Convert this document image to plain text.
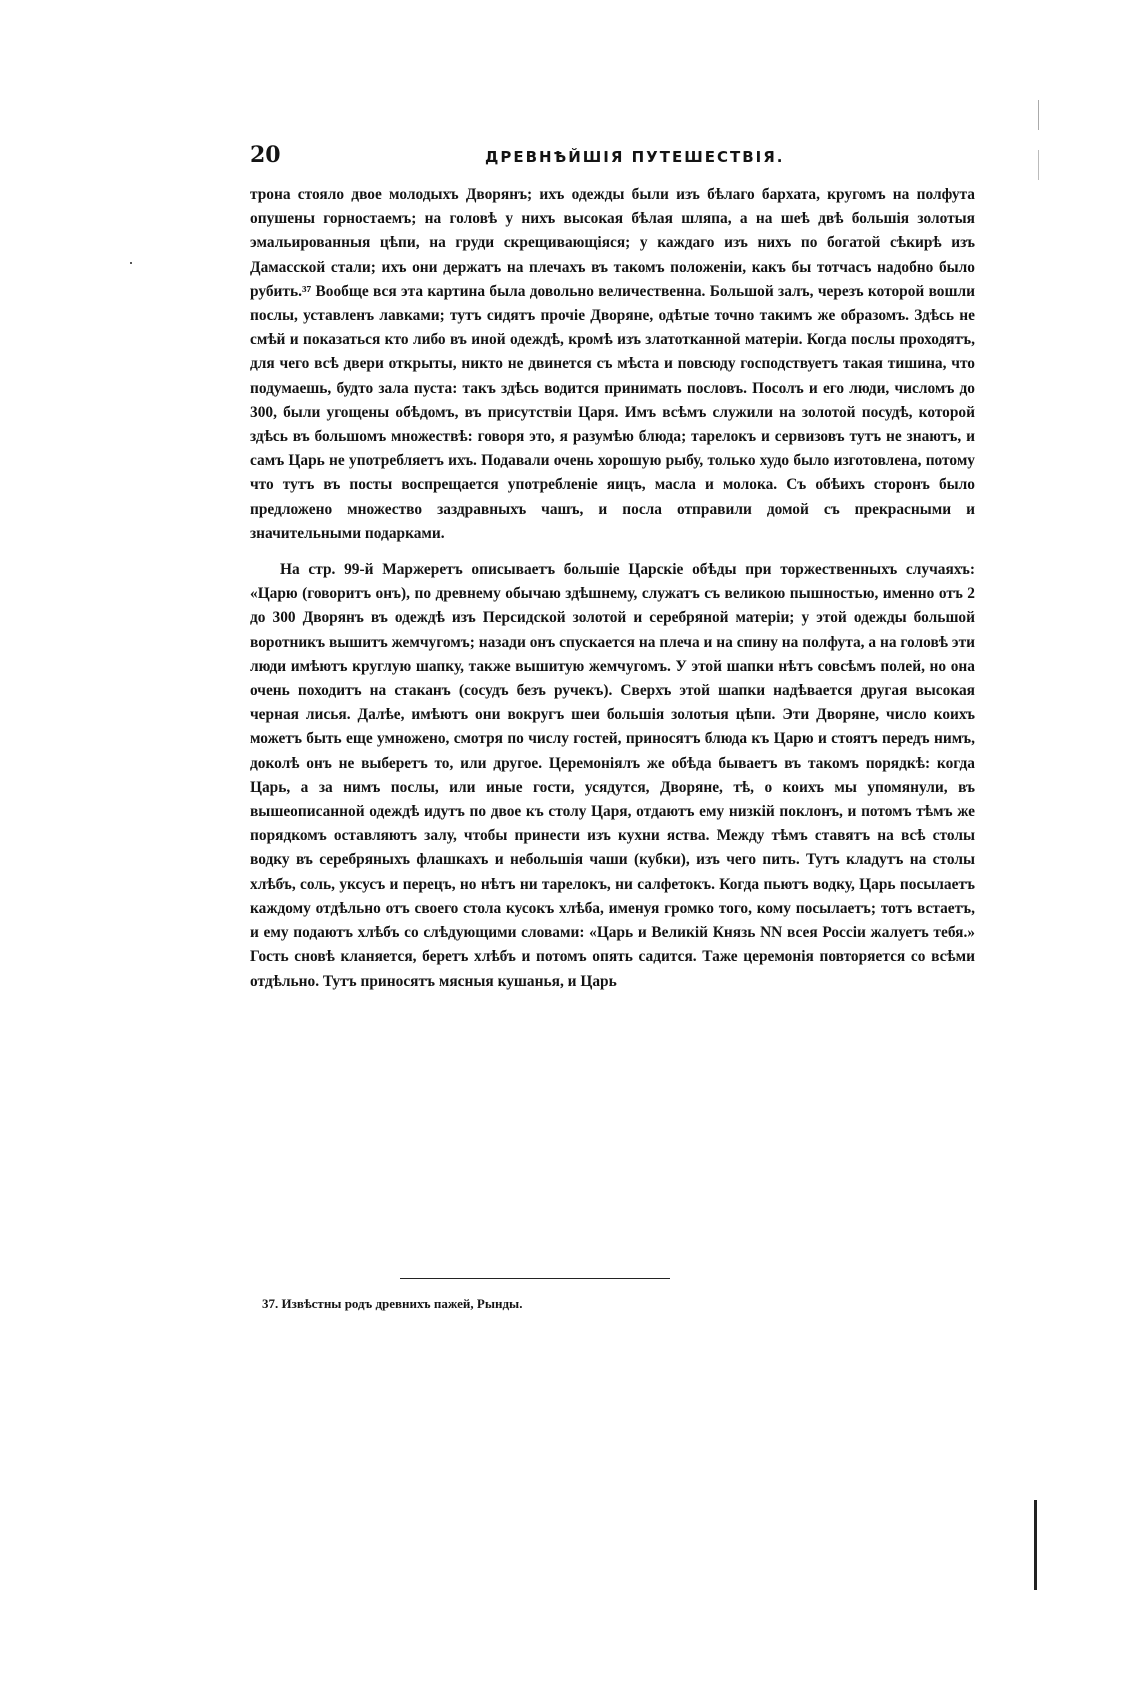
20	ДРЕВНѢЙШІЯ ПУТЕШЕСТВІЯ.

трона стояло двое молодыхъ Дворянъ; ихъ одежды были изъ бѣлаго бархата, кругомъ на полфута опушены горностаемъ; на головѣ у нихъ высокая бѣлая шляпа, а на шеѣ двѣ большія золотыя эмальированныя цѣпи, на груди скрещивающіяся; у каждаго изъ нихъ по богатой сѣкирѣ изъ Дамасской стали; ихъ они держатъ на плечахъ въ такомъ положеніи, какъ бы тотчасъ надобно было рубить.³⁷ Вообще вся эта картина была довольно величественна. Большой залъ, черезъ которой вошли послы, уставленъ лавками; тутъ сидятъ прочіе Дворяне, одѣтые точно такимъ же образомъ. Здѣсь не смѣй и показаться кто либо въ иной одеждѣ, кромѣ изъ златотканной матеріи. Когда послы проходятъ, для чего всѣ двери открыты, никто не двинется съ мѣста и повсюду господствуетъ такая тишина, что подумаешь, будто зала пуста: такъ здѣсь водится принимать пословъ. Посолъ и его люди, числомъ до 300, были угощены обѣдомъ, въ присутствіи Царя. Имъ всѣмъ служили на золотой посудѣ, которой здѣсь въ большомъ множествѣ: говоря это, я разумѣю блюда; тарелокъ и сервизовъ тутъ не знаютъ, и самъ Царь не употребляетъ ихъ. Подавали очень хорошую рыбу, только худо было изготовлена, потому что тутъ въ посты воспрещается употребленіе яицъ, масла и молока. Съ обѣихъ сторонъ было предложено множество заздравныхъ чашъ, и посла отправили домой съ прекрасными и значительными подарками.

На стр. 99-й Маржеретъ описываетъ большіе Царскіе обѣды при торжественныхъ случаяхъ: «Царю (говоритъ онъ), по древнему обычаю здѣшнему, служатъ съ великою пышностью, именно отъ 2 до 300 Дворянъ въ одеждѣ изъ Персидской золотой и серебряной матеріи; у этой одежды большой воротникъ вышитъ жемчугомъ; назади онъ спускается на плеча и на спину на полфута, а на головѣ эти люди имѣютъ круглую шапку, также вышитую жемчугомъ. У этой шапки нѣтъ совсѣмъ полей, но она очень походитъ на стаканъ (сосудъ безъ ручекъ). Сверхъ этой шапки надѣвается другая высокая черная лисья. Далѣе, имѣютъ они вокругъ шеи большія золотыя цѣпи. Эти Дворяне, число коихъ можетъ быть еще умножено, смотря по числу гостей, приносятъ блюда къ Царю и стоятъ передъ нимъ, доколѣ онъ не выберетъ то, или другое. Церемоніялъ же обѣда бываетъ въ такомъ порядкѣ: когда Царь, а за нимъ послы, или иные гости, усядутся, Дворяне, тѣ, о коихъ мы упомянули, въ вышеописанной одеждѣ идутъ по двое къ столу Царя, отдаютъ ему низкій поклонъ, и потомъ тѣмъ же порядкомъ оставляютъ залу, чтобы принести изъ кухни яства. Между тѣмъ ставятъ на всѣ столы водку въ серебряныхъ флашкахъ и небольшія чаши (кубки), изъ чего пить. Тутъ кладутъ на столы хлѣбъ, соль, уксусъ и перецъ, но нѣтъ ни тарелокъ, ни салфетокъ. Когда пьютъ водку, Царь посылаетъ каждому отдѣльно отъ своего стола кусокъ хлѣба, именуя громко того, кому посылаетъ; тотъ встаетъ, и ему подаютъ хлѣбъ со слѣдующими словами: «Царь и Великій Князь NN всея Россіи жалуетъ тебя.» Гость сновѣ кланяется, беретъ хлѣбъ и потомъ опять садится. Таже церемонія повторяется со всѣми отдѣльно. Тутъ приносятъ мясныя кушанья, и Царь

37. Извѣстны родъ древнихъ пажей, Рынды.
